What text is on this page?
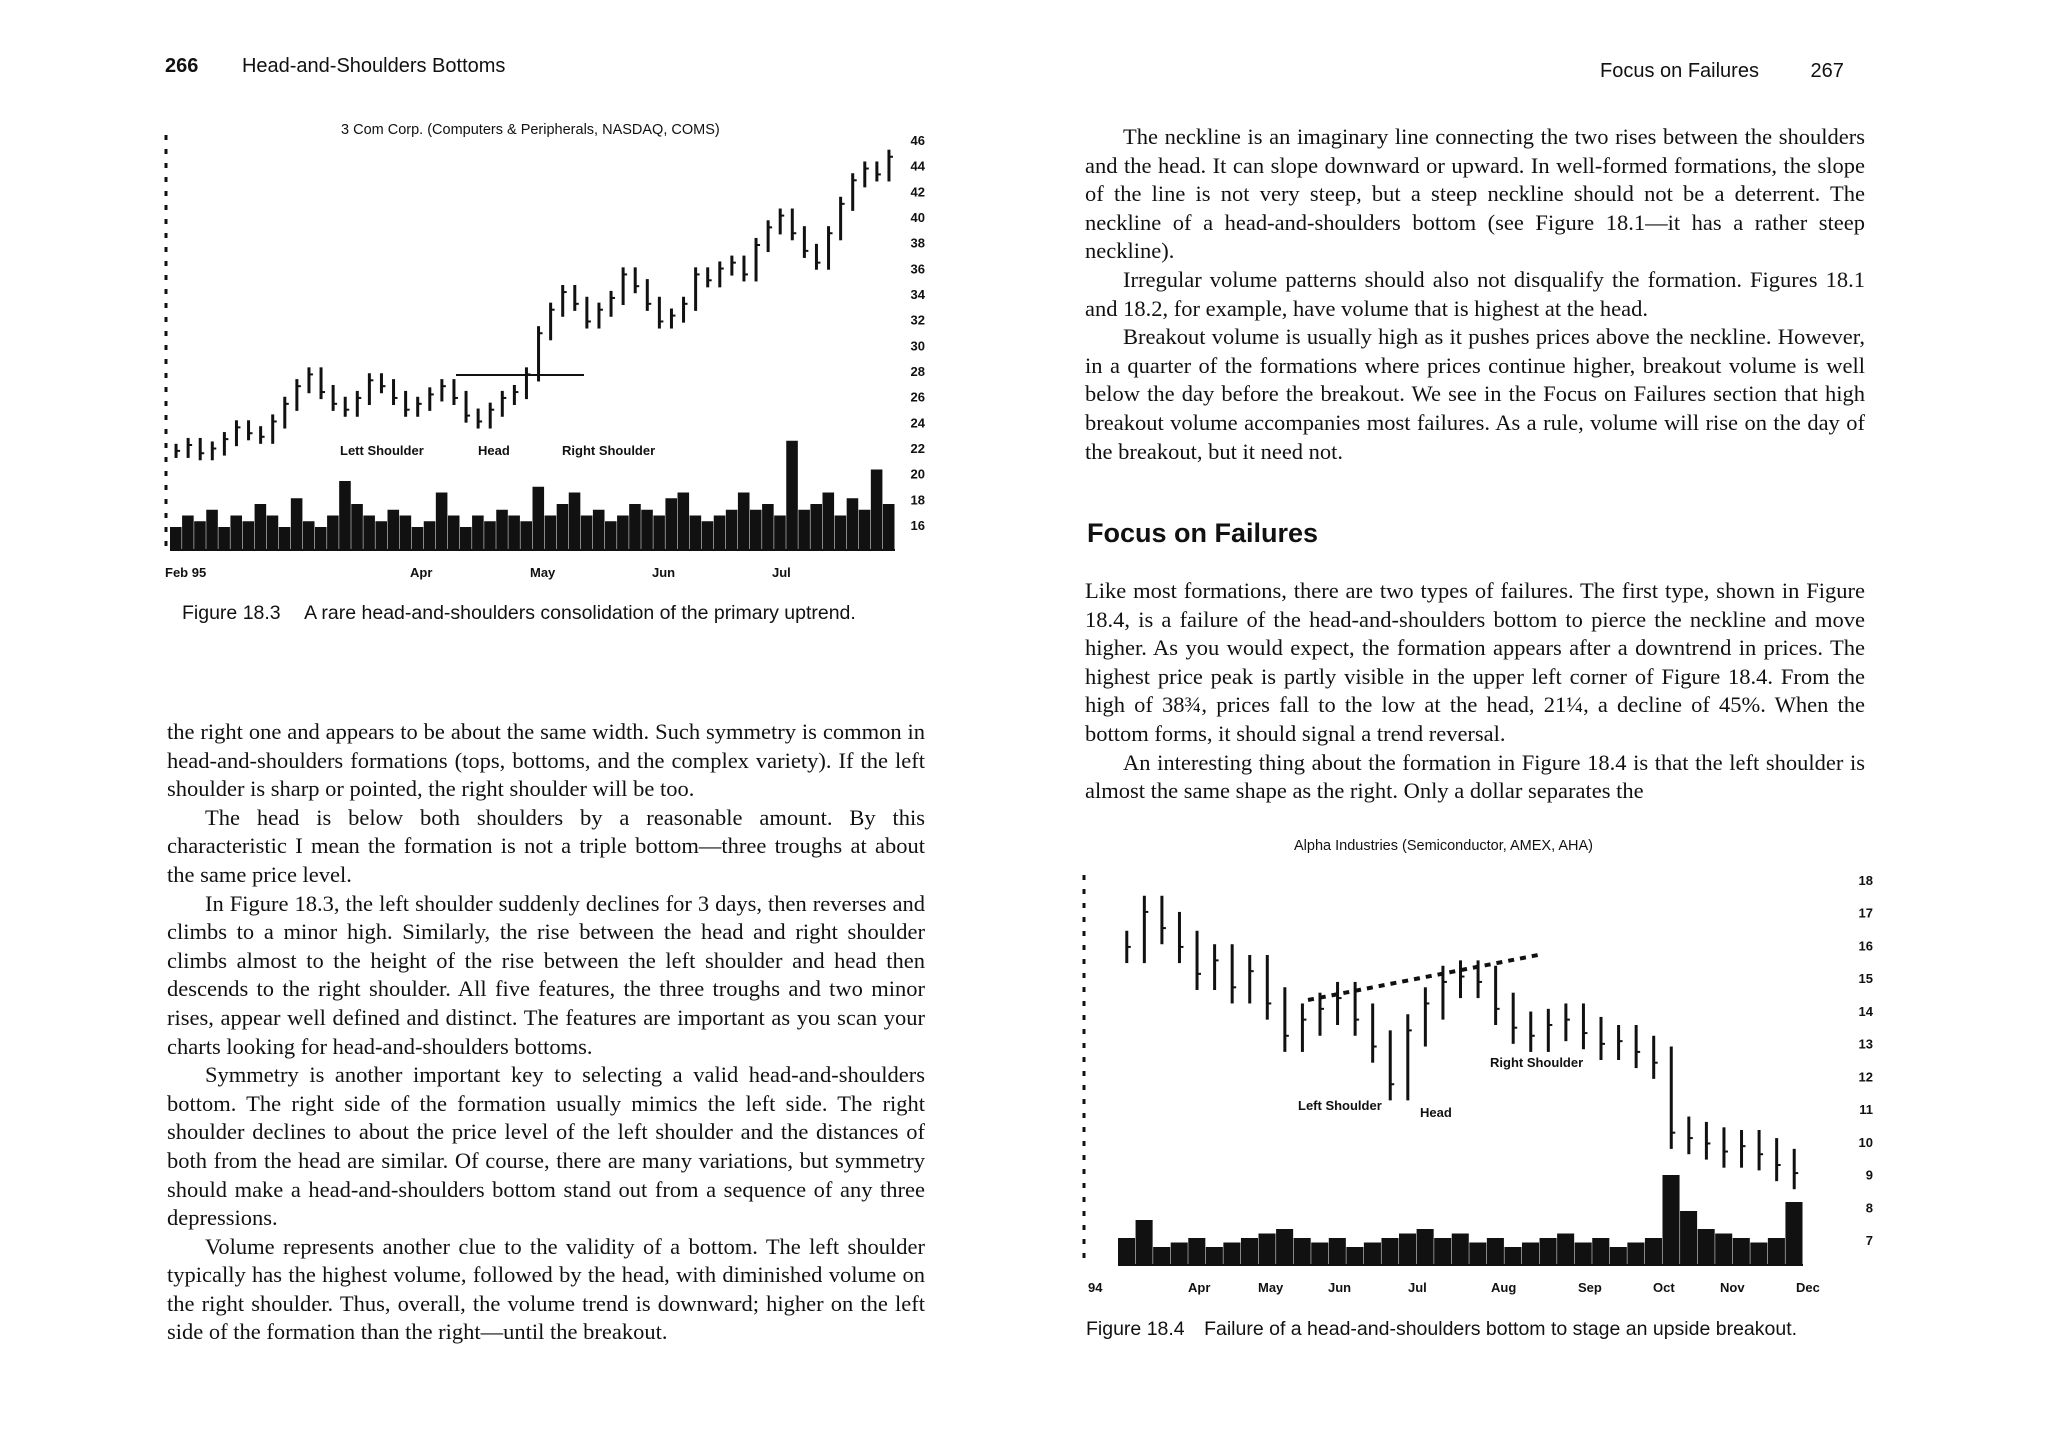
266 Head-and-Shoulders Bottoms
3 Com Corp. (Computers & Peripherals, NASDAQ, COMS)
Feb 95	Apr	May	Jun	Jul
46
44
42
40
38
36
34
32
30
28
26
24
22
20
18
16
Lett Shoulder	Head	Right Shoulder
Figure 18.3 A rare head-and-shoulders consolidation of the primary uptrend.

the right one and appears to be about the same width. Such symmetry is common in head-and-shoulders formations (tops, bottoms, and the complex variety). If the left shoulder is sharp or pointed, the right shoulder will be too.

The head is below both shoulders by a reasonable amount. By this characteristic I mean the formation is not a triple bottom—three troughs at about the same price level.

In Figure 18.3, the left shoulder suddenly declines for 3 days, then reverses and climbs to a minor high. Similarly, the rise between the head and right shoulder climbs almost to the height of the rise between the left shoulder and head then descends to the right shoulder. All five features, the three troughs and two minor rises, appear well defined and distinct. The features are important as you scan your charts looking for head-and-shoulders bottoms.

Symmetry is another important key to selecting a valid head-and-shoulders bottom. The right side of the formation usually mimics the left side. The right shoulder declines to about the price level of the left shoulder and the distances of both from the head are similar. Of course, there are many variations, but symmetry should make a head-and-shoulders bottom stand out from a sequence of any three depressions.

Volume represents another clue to the validity of a bottom. The left shoulder typically has the highest volume, followed by the head, with diminished volume on the right shoulder. Thus, overall, the volume trend is downward; higher on the left side of the formation than the right—until the breakout.

Focus on Failures	267

The neckline is an imaginary line connecting the two rises between the shoulders and the head. It can slope downward or upward. In well-formed formations, the slope of the line is not very steep, but a steep neckline should not be a deterrent. The neckline of a head-and-shoulders bottom (see Figure 18.1—it has a rather steep neckline).

Irregular volume patterns should also not disqualify the formation. Figures 18.1 and 18.2, for example, have volume that is highest at the head.

Breakout volume is usually high as it pushes prices above the neckline. However, in a quarter of the formations where prices continue higher, breakout volume is well below the day before the breakout. We see in the Focus on Failures section that high breakout volume accompanies most failures. As a rule, volume will rise on the day of the breakout, but it need not.

Focus on Failures

Like most formations, there are two types of failures. The first type, shown in Figure 18.4, is a failure of the head-and-shoulders bottom to pierce the neckline and move higher. As you would expect, the formation appears after a downtrend in prices. The highest price peak is partly visible in the upper left corner of Figure 18.4. From the high of 38¾, prices fall to the low at the head, 21¼, a decline of 45%. When the bottom forms, it should signal a trend reversal.

An interesting thing about the formation in Figure 18.4 is that the left shoulder is almost the same shape as the right. Only a dollar separates the

Alpha Industries (Semiconductor, AMEX, AHA)
94	Apr	May	Jun	Jul	Aug	Sep	Oct	Nov	Dec
18
17
16
15
14
13
12
11
10
9
8
7
Left Shoulder	Head
Right Shoulder
Figure 18.4 Failure of a head-and-shoulders bottom to stage an upside breakout.
